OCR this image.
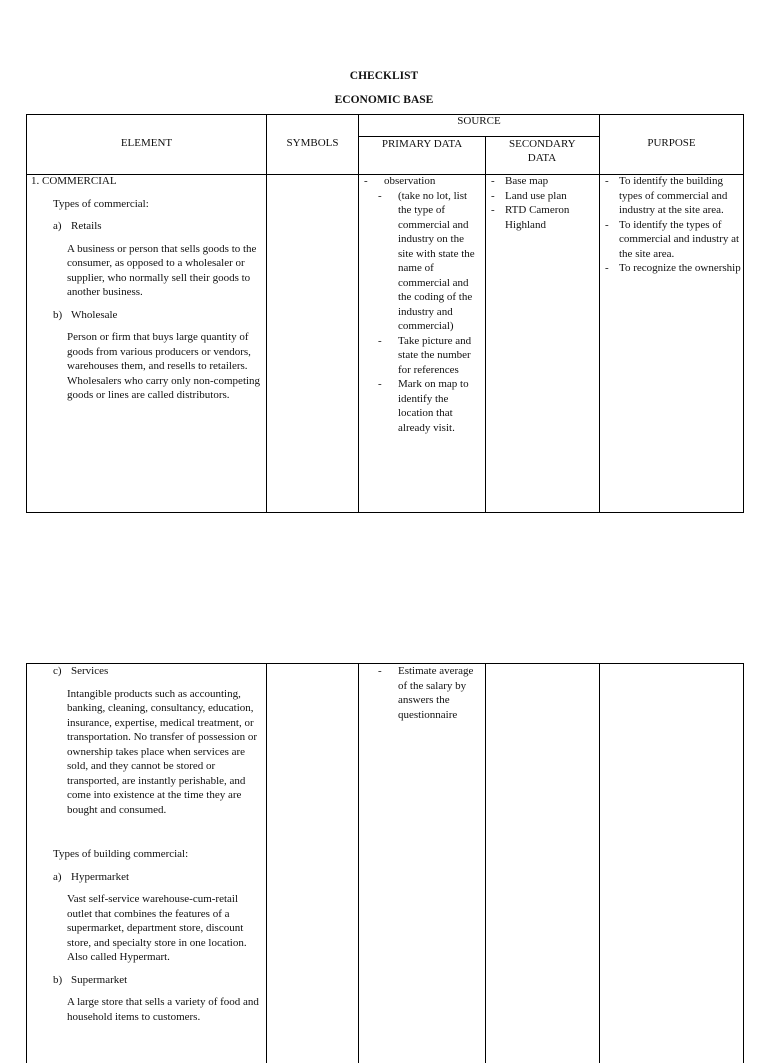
CHECKLIST
ECONOMIC BASE
ELEMENT	SYMBOLS
SOURCE
PRIMARY DATA	SECONDARY DATA
PURPOSE

1. COMMERCIAL

Types of commercial:

a) Retails

A business or person that sells goods to the consumer, as opposed to a wholesaler or supplier, who normally sell their goods to another business.

b) Wholesale

Person or firm that buys large quantity of goods from various producers or vendors, warehouses them, and resells to retailers. Wholesalers who carry only non-competing goods or lines are called distributors.

- observation
- (take no lot, list the type of commercial and industry on the site with state the name of commercial and the coding of the industry and commercial)
- Take picture and state the number for references
- Mark on map to identify the location that already visit.
- Base map
- Land use plan
- RTD Cameron Highland
- To identify the building types of commercial and industry at the site area.
- To identify the types of commercial and industry at the site area.
- To recognize the ownership
c) Services

Intangible products such as accounting, banking, cleaning, consultancy, education, insurance, expertise, medical treatment, or transportation. No transfer of possession or ownership takes place when services are sold, and they cannot be stored or transported, are instantly perishable, and come into existence at the time they are bought and consumed.

Types of building commercial:

a) Hypermarket

Vast self-service warehouse-cum-retail outlet that combines the features of a supermarket, department store, discount store, and specialty store in one location. Also called Hypermart.

b) Supermarket

A large store that sells a variety of food and household items to customers.

- Estimate average of the salary by answers the questionnaire
